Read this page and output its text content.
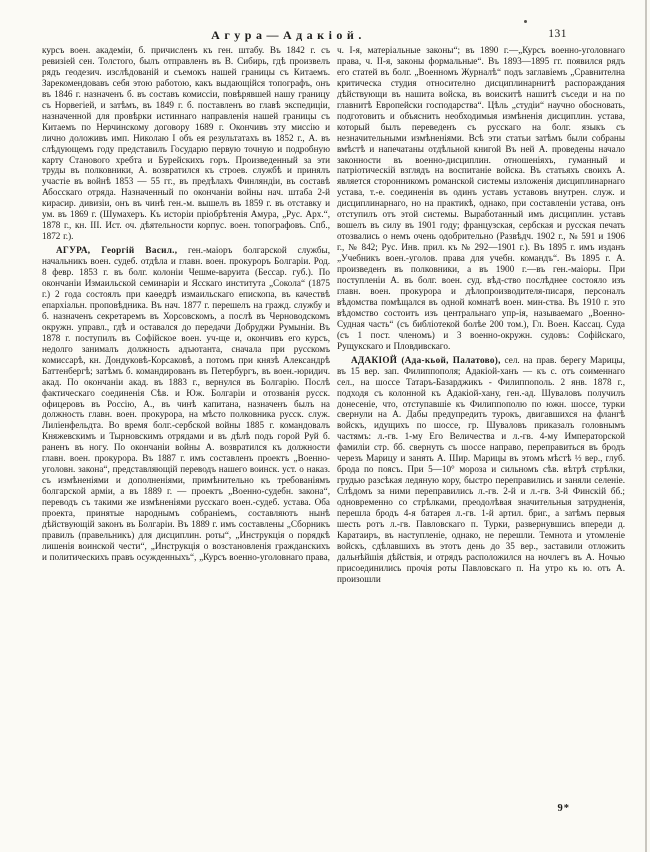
Агура—Адакіой.	131

курсъ воен. академіи, б. причисленъ къ ген. штабу. Въ 1842 г. съ ревизіей сен. Толстого, былъ отправленъ въ В. Сибирь, гдѣ произвелъ рядъ геодезич. изслѣдованій и съемокъ нашей границы съ Китаемъ. Зарекомендовавъ себя этою работою, какъ выдающійся топографъ, онъ въ 1846 г. назначенъ б. въ составъ комиссіи, повѣрявшей нашу границу съ Норвегіей, и затѣмъ, въ 1849 г. б. поставленъ во главѣ экспедиціи, назначенной для провѣрки истиннаго направленія нашей границы съ Китаемъ по Нерчинскому договору 1689 г. Окончивъ эту миссію и лично доложивъ имп. Николаю I объ ея результатахъ въ 1852 г., А. въ слѣдующемъ году представилъ Государю первую точную и подробную карту Станового хребта и Бурейскихъ горъ. Произведенный за эти труды въ полковники, А. возвратился къ строев. службѣ и принялъ участіе въ войнѣ 1853 — 55 гг., въ предѣлахъ Финляндіи, въ составѣ Абосскаго отряда. Назначенный по окончаніи войны нач. штаба 2-й кирасир. дивизіи, онъ въ чинѣ ген.-м. вышелъ въ 1859 г. въ отставку и ум. въ 1869 г. (Шумахеръ. Къ исторіи пріобрѣтенія Амура, „Рус. Арх.“, 1878 г., кн. III. Ист. оч. дѣятельности корпус. воен. топографовъ. Спб., 1872 г.).

АГУРА, Георгій Васил., ген.-маіоръ болгарской службы, начальникъ воен. судеб. отдѣла и главн. воен. прокуроръ Болгаріи. Род. 8 февр. 1853 г. въ болг. колоніи Чешме-варуита (Бессар. губ.). По окончаніи Измаильской семинаріи и Ясскаго института „Сокола“ (1875 г.) 2 года состоялъ при каѳедрѣ измаильскаго епископа, въ качествѣ епархіальн. проповѣдника. Въ нач. 1877 г. перешелъ на гражд. службу и б. назначенъ секретаремъ въ Хорсовскомъ, а послѣ въ Черноводскомъ окружн. управл., гдѣ и оставался до передачи Добруджи Румыніи. Въ 1878 г. поступилъ въ Софійское воен. уч-ще и, окончивъ его курсъ, недолго занималъ должность адъютанта, сначала при русскомъ комиссарѣ, кн. Дондуковѣ-Корсаковѣ, а потомъ при князѣ Александрѣ Баттенбергѣ; затѣмъ б. командированъ въ Петербургъ, въ воен.-юридич. акад. По окончаніи акад. въ 1883 г., вернулся въ Болгарію. Послѣ фактическаго соединенія Сѣв. и Юж. Болгаріи и отозванія русск. офицеровъ въ Россію, А., въ чинѣ капитана, назначенъ былъ на должность главн. воен. прокурора, на мѣсто полковника русск. служ. Лиліенфельдта. Во время болг.-сербской войны 1885 г. командовалъ Княжевскимъ и Тырновскимъ отрядами и въ дѣлѣ подъ горой Руй б. раненъ въ ногу. По окончаніи войны А. возвратился къ должности главн. воен. прокурора. Въ 1887 г. имъ составленъ проектъ „Военно-уголовн. закона“, представляющій переводъ нашего воинск. уст. о наказ. съ измѣненіями и дополненіями, примѣнительно къ требованіямъ болгарской арміи, а въ 1889 г. — проектъ „Военно-судебн. закона“, переводъ съ такими же измѣненіями русскаго воен.-судеб. устава. Оба проекта, принятые народнымъ собраніемъ, составляютъ нынѣ дѣйствующій законъ въ Болгаріи. Въ 1889 г. имъ составлены „Сборникъ правилъ (правельникъ) для дисциплин. роты“, „Инструкція о порядкѣ лишенія воинской чести“, „Инструкція о возстановленія гражданскихъ и политическихъ правъ осужденныхъ“, „Курсъ военно-уголовнаго права,

ч. I-я, матеріальные законы“; въ 1890 г.—„Курсъ военно-уголовнаго права, ч. II-я, законы формальные“. Въ 1893—1895 гг. появился рядъ его статей въ болг. „Военномъ Журналѣ“ подъ заглавіемъ „Сравнителна критическа студия относително дисциплинарнитѣ распораждания дѣйствующи въ нашита войска, въ воискитѣ нашитѣ съседи и на по главнитѣ Европейски господарства“. Цѣль „студіи“ научно обосновать, подготовить и объяснить необходимыя измѣненія дисциплин. устава, который былъ переведенъ съ русскаго на болг. языкъ съ незначительными измѣненіями. Всѣ эти статьи затѣмъ были собраны вмѣстѣ и напечатаны отдѣльной книгой Въ ней А. проведены начало законности въ военно-дисциплин. отношеніяхъ, гуманный и патріотическій взглядъ на воспитаніе войска. Въ статьяхъ своихъ А. является сторонникомъ романской системы изложенія дисциплинарнаго устава, т.-е. соединенія въ одинъ уставъ уставовъ внутрен. служ. и дисциплинарнаго, но на практикѣ, однако, при составленіи устава, онъ отступилъ отъ этой системы. Выработанный имъ дисциплин. уставъ вошелъ въ силу въ 1901 году; французская, сербская и русская печать отозвались о немъ очень одобрительно (Развѣдч. 1902 г., № 591 и 1906 г., № 842; Рус. Инв. прил. къ № 292—1901 г.). Въ 1895 г. имъ изданъ „Учебникъ воен.-уголов. права для учебн. командъ“. Въ 1895 г. А. произведенъ въ полковники, а въ 1900 г.—въ ген.-маіоры. При поступленіи А. въ болг. воен. суд. вѣд-ство послѣднее состояло изъ главн. воен. прокурора и дѣлопроизводителя-писаря, персоналъ вѣдомства помѣщался въ одной комнатѣ воен. мин-ства. Въ 1910 г. это вѣдомство состоитъ изъ центральнаго упр-ія, называемаго „Военно-Судная часть“ (съ библіотекой болѣе 200 том.), Гл. Воен. Кассац. Суда (съ 1 пост. членомъ) и 3 военно-окружн. судовъ: Софійскаго, Рущукскаго и Пловдивскаго.

АДАКІОЙ (Ада-кьой, Палатово), сел. на прав. берегу Марицы, въ 15 вер. зап. Филиппополя; Адакіой-ханъ — къ с. отъ соименнаго сел., на шоссе Татаръ-Базарджикъ - Филиппополь. 2 янв. 1878 г., подходя съ колонной къ Адакіой-хану, ген.-ад. Шуваловъ получилъ донесеніе, что, отступавшіе къ Филиппополю по южн. шоссе, турки свернули на А. Дабы предупредить турокъ, двигавшихся на флангѣ войскъ, идущихъ по шоссе, гр. Шуваловъ приказалъ головнымъ частямъ: л.-гв. 1-му Его Величества и л.-гв. 4-му Императорской фамиліи стр. бб. свернуть съ шоссе направо, переправиться въ бродъ черезъ Марицу и занять А. Шир. Марицы въ этомъ мѣстѣ ½ вер., глуб. брода по поясъ. При 5—10° мороза и сильномъ сѣв. вѣтрѣ стрѣлки, грудью разсѣкая ледяную кору, быстро переправились и заняли селеніе. Слѣдомъ за ними переправились л.-гв. 2-й и л.-гв. 3-й Финскій бб.; одновременно со стрѣлками, преодолѣвая значительныя затрудненія, перешла бродъ 4-я батарея л.-гв. 1-й артил. бриг., а затѣмъ первыя шесть ротъ л.-гв. Павловскаго п. Турки, развернувшись впереди д. Каратаиръ, въ наступленіе, однако, не перешли. Темнота и утомленіе войскъ, сдѣлавшихъ въ этотъ день до 35 вер., заставили отложить дальнѣйшія дѣйствія, и отрядъ расположился на ночлегъ въ А. Ночью присоединились прочія роты Павловскаго п. На утро къ ю. отъ А. произошли

9*
